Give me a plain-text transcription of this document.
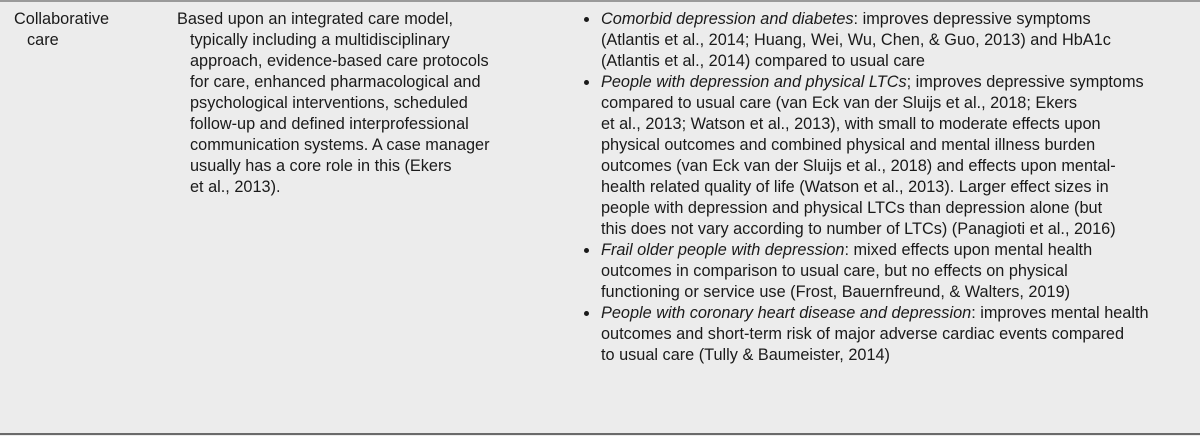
Collaborative
care
Based upon an integrated care model,
typically including a multidisciplinary
approach, evidence-based care protocols
for care, enhanced pharmacological and
psychological interventions, scheduled
follow-up and defined interprofessional
communication systems. A case manager
usually has a core role in this (Ekers
et al., 2013).
Comorbid depression and diabetes: improves depressive symptoms
(Atlantis et al., 2014; Huang, Wei, Wu, Chen, & Guo, 2013) and HbA1c
(Atlantis et al., 2014) compared to usual care
People with depression and physical LTCs; improves depressive symptoms
compared to usual care (van Eck van der Sluijs et al., 2018; Ekers
et al., 2013; Watson et al., 2013), with small to moderate effects upon
physical outcomes and combined physical and mental illness burden
outcomes (van Eck van der Sluijs et al., 2018) and effects upon mental-
health related quality of life (Watson et al., 2013). Larger effect sizes in
people with depression and physical LTCs than depression alone (but
this does not vary according to number of LTCs) (Panagioti et al., 2016)
Frail older people with depression: mixed effects upon mental health
outcomes in comparison to usual care, but no effects on physical
functioning or service use (Frost, Bauernfreund, & Walters, 2019)
People with coronary heart disease and depression: improves mental health
outcomes and short-term risk of major adverse cardiac events compared
to usual care (Tully & Baumeister, 2014)
